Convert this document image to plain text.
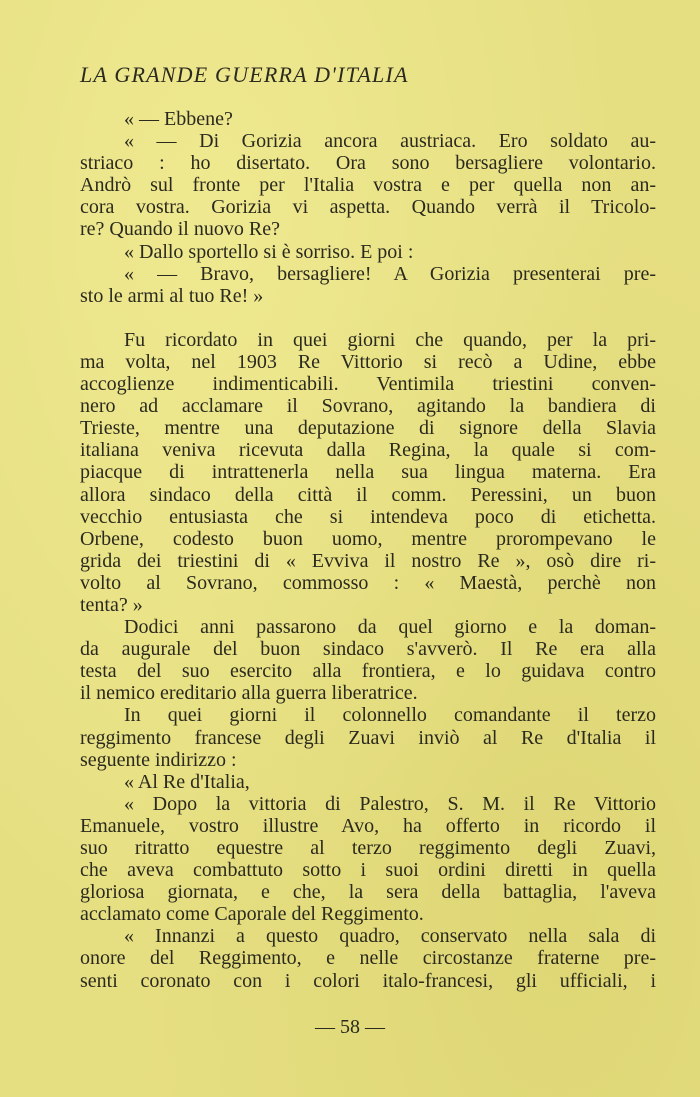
LA GRANDE GUERRA D'ITALIA
« — Ebbene?
« — Di Gorizia ancora austriaca. Ero soldato au-
striaco : ho disertato. Ora sono bersagliere volontario.
Andrò sul fronte per l'Italia vostra e per quella non an-
cora vostra. Gorizia vi aspetta. Quando verrà il Tricolo-
re? Quando il nuovo Re?
« Dallo sportello si è sorriso. E poi :
« — Bravo, bersagliere! A Gorizia presenterai pre-
sto le armi al tuo Re! »
Fu ricordato in quei giorni che quando, per la pri-
ma volta, nel 1903 Re Vittorio si recò a Udine, ebbe
accoglienze indimenticabili. Ventimila triestini conven-
nero ad acclamare il Sovrano, agitando la bandiera di
Trieste, mentre una deputazione di signore della Slavia
italiana veniva ricevuta dalla Regina, la quale si com-
piacque di intrattenerla nella sua lingua materna. Era
allora sindaco della città il comm. Peressini, un buon
vecchio entusiasta che si intendeva poco di etichetta.
Orbene, codesto buon uomo, mentre prorompevano le
grida dei triestini di « Evviva il nostro Re », osò dire ri-
volto al Sovrano, commosso : « Maestà, perchè non
tenta? »
Dodici anni passarono da quel giorno e la doman-
da augurale del buon sindaco s'avverò. Il Re era alla
testa del suo esercito alla frontiera, e lo guidava contro
il nemico ereditario alla guerra liberatrice.
In quei giorni il colonnello comandante il terzo
reggimento francese degli Zuavi inviò al Re d'Italia il
seguente indirizzo :
« Al Re d'Italia,
« Dopo la vittoria di Palestro, S. M. il Re Vittorio
Emanuele, vostro illustre Avo, ha offerto in ricordo il
suo ritratto equestre al terzo reggimento degli Zuavi,
che aveva combattuto sotto i suoi ordini diretti in quella
gloriosa giornata, e che, la sera della battaglia, l'aveva
acclamato come Caporale del Reggimento.
« Innanzi a questo quadro, conservato nella sala di
onore del Reggimento, e nelle circostanze fraterne pre-
senti coronato con i colori italo-francesi, gli ufficiali, i
— 58 —
